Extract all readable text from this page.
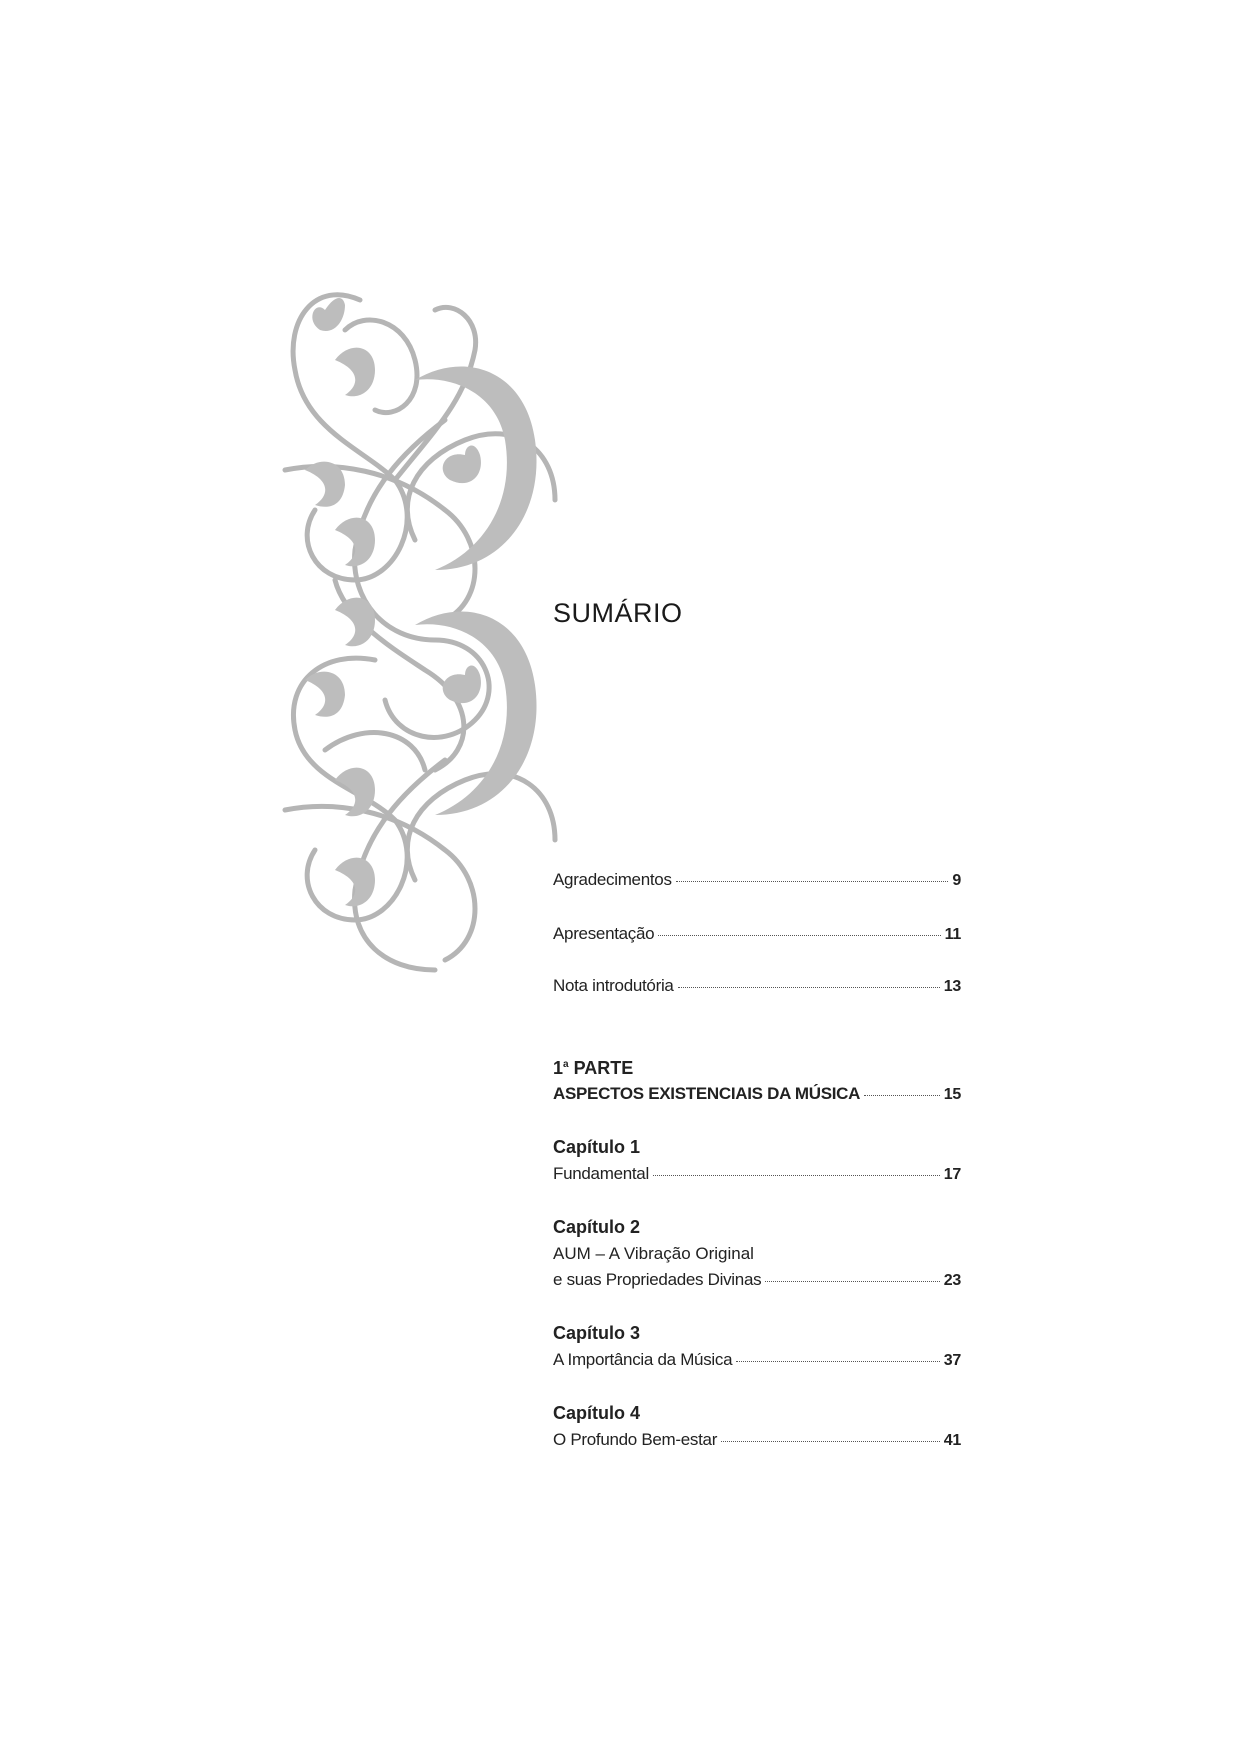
SUMÁRIO
Agradecimentos	9
Apresentação	11
Nota introdutória	13
1$^a$ PARTE
ASPECTOS EXISTENCIAIS DA MÚSICA	15
Capítulo 1
Fundamental	17
Capítulo 2
AUM – A Vibração Original
e suas Propriedades Divinas	23
Capítulo 3
A Importância da Música	37
Capítulo 4
O Profundo Bem-estar	41
